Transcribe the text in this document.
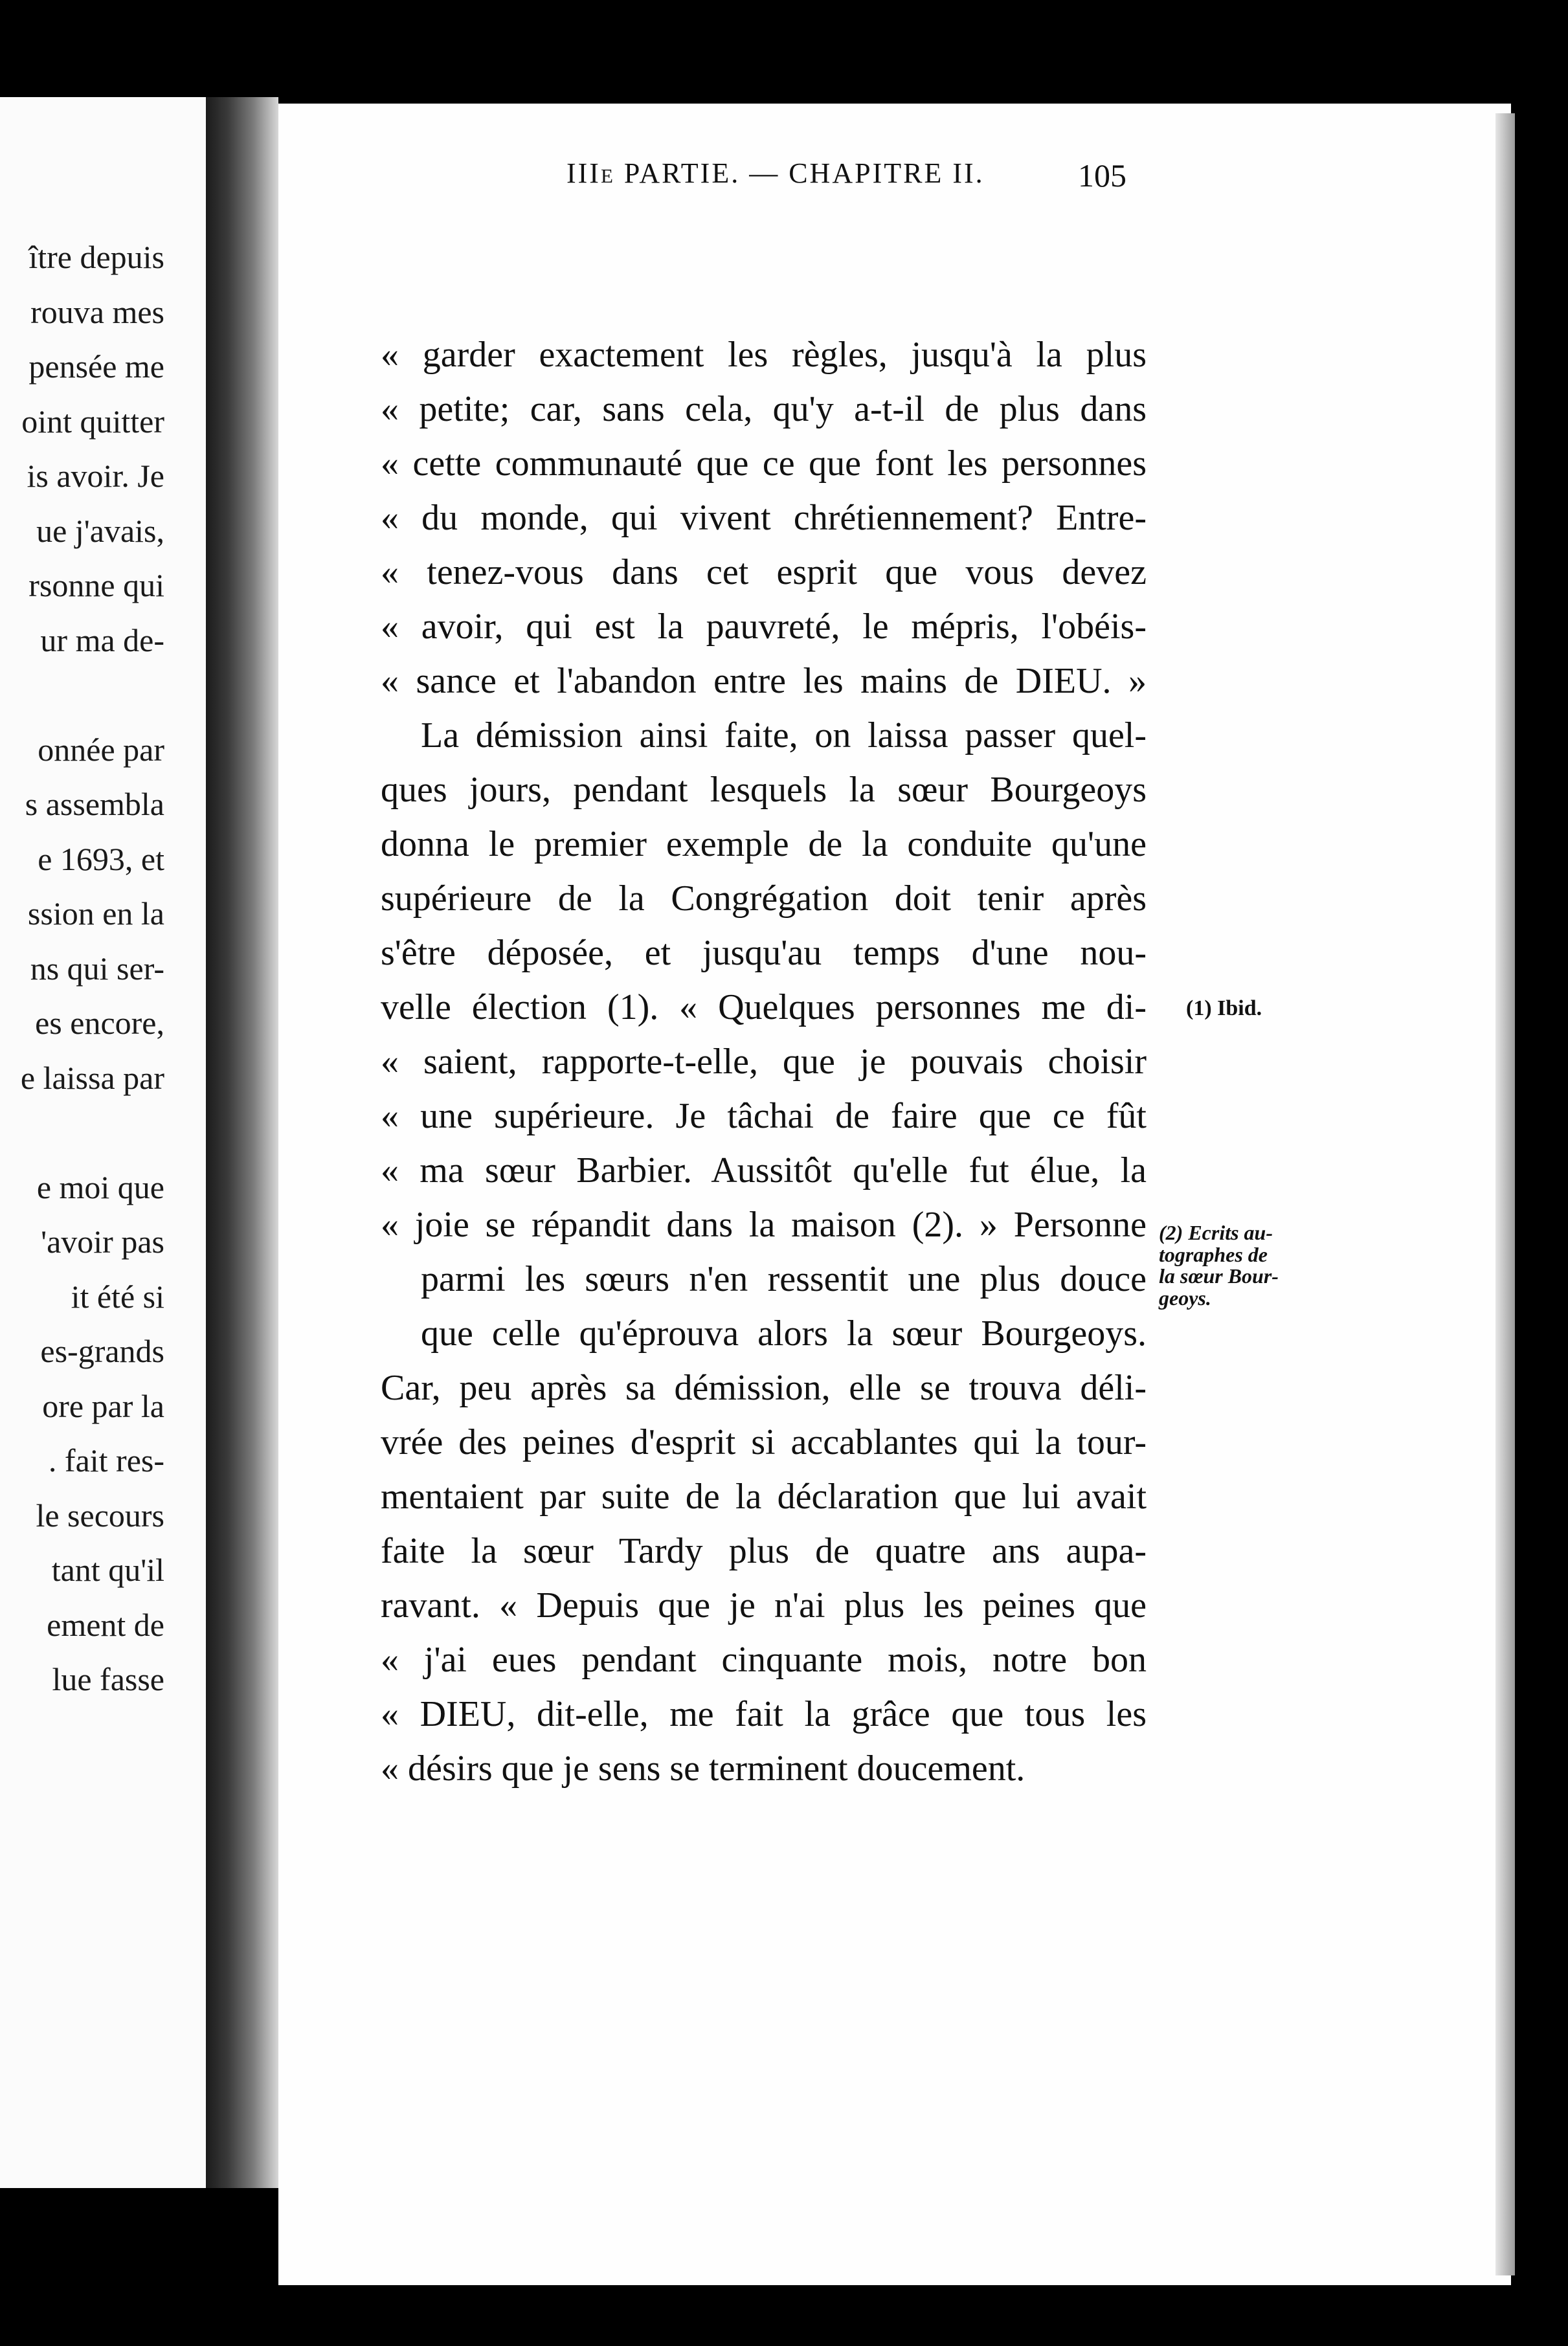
ître depuis
rouva mes
pensée me
oint quitter
is avoir. Je
ue j'avais,
rsonne qui
ur ma de-
onnée par
s assembla
e 1693, et
ssion en la
ns qui ser-
es encore,
e laissa par
e moi que
'avoir pas
it été si
es-grands
ore par la
. fait res-
le secours
tant qu'il
ement de
lue fasse
IIIe PARTIE. — CHAPITRE II.	105
« garder exactement les règles, jusqu'à la plus
« petite; car, sans cela, qu'y a-t-il de plus dans
« cette communauté que ce que font les personnes
« du monde, qui vivent chrétiennement? Entre-
« tenez-vous dans cet esprit que vous devez
« avoir, qui est la pauvreté, le mépris, l'obéis-
« sance et l'abandon entre les mains de DIEU. »
La démission ainsi faite, on laissa passer quel-
ques jours, pendant lesquels la sœur Bourgeoys
donna le premier exemple de la conduite qu'une
supérieure de la Congrégation doit tenir après
s'être déposée, et jusqu'au temps d'une nou-
velle élection (1). « Quelques personnes me di-
« saient, rapporte-t-elle, que je pouvais choisir
« une supérieure. Je tâchai de faire que ce fût
« ma sœur Barbier. Aussitôt qu'elle fut élue, la
« joie se répandit dans la maison (2). » Personne
parmi les sœurs n'en ressentit une plus douce
que celle qu'éprouva alors la sœur Bourgeoys.
Car, peu après sa démission, elle se trouva déli-
vrée des peines d'esprit si accablantes qui la tour-
mentaient par suite de la déclaration que lui avait
faite la sœur Tardy plus de quatre ans aupa-
ravant. « Depuis que je n'ai plus les peines que
« j'ai eues pendant cinquante mois, notre bon
« DIEU, dit-elle, me fait la grâce que tous les
« désirs que je sens se terminent doucement.
(1) Ibid.
(2) Ecrits au-
tographes de
la sœur Bour-
geoys.
